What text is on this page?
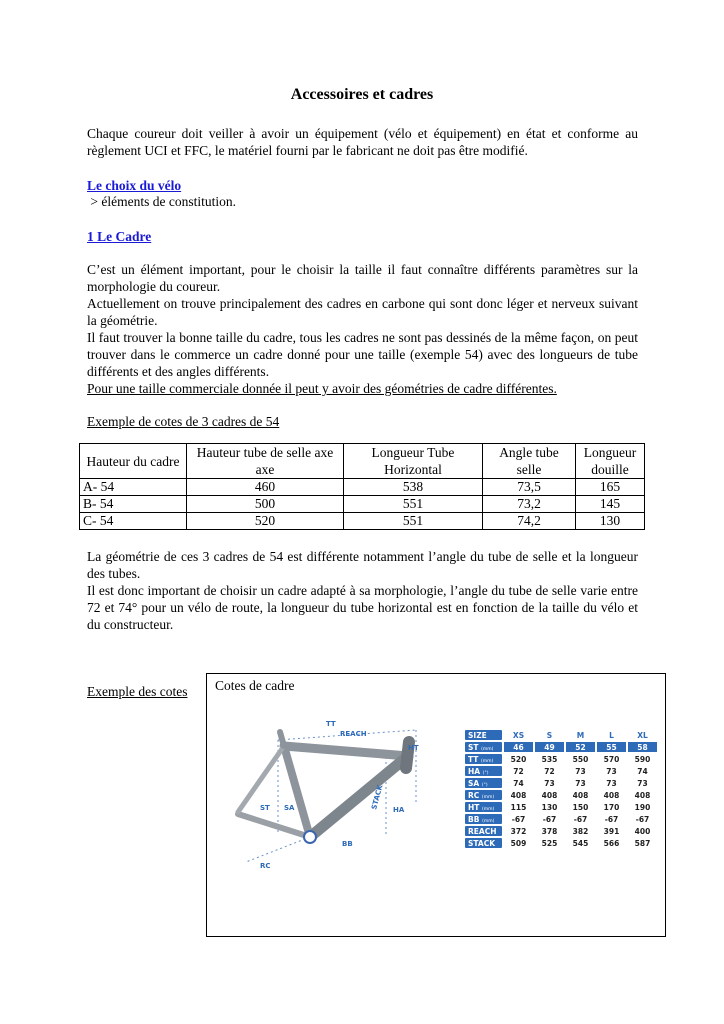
Accessoires et cadres
Chaque coureur doit veiller à avoir un équipement (vélo et équipement) en état et conforme au règlement UCI et FFC, le matériel fourni par le fabricant ne doit pas être modifié.
Le choix du vélo
> éléments de constitution.
1 Le Cadre
C’est un élément important, pour le choisir la taille il faut connaître différents paramètres sur la morphologie du coureur.
Actuellement on trouve principalement des cadres en carbone qui sont donc léger et nerveux suivant la géométrie.
Il faut trouver la bonne taille du cadre, tous les cadres ne sont pas dessinés de la même façon, on peut trouver dans le commerce un cadre donné pour une taille (exemple 54) avec des longueurs de tube différents et des angles différents.
Pour une taille commerciale donnée il peut y avoir des géométries de cadre différentes.
Exemple de cotes de 3 cadres de 54
Hauteur du cadre	Hauteur tube de selle axe axe	Longueur Tube Horizontal	Angle tube selle	Longueur douille
A- 54	460	538	73,5	165
B- 54	500	551	73,2	145
C- 54	520	551	74,2	130
La géométrie de ces 3 cadres de 54 est différente notamment l’angle du tube de selle et la longueur des tubes.
Il est donc important de choisir un cadre adapté à sa morphologie, l’angle du tube de selle varie entre 72 et 74° pour un vélo de route, la longueur du tube horizontal est en fonction de la taille du vélo et du constructeur.
Exemple des cotes	Cotes de cadre
TT
REACH
HT
ST SA	STACK HA
BB
RC
SIZE	XS	S	M	L	XL
ST (mm)	46	49	52	55	58
TT (mm)	520	535	550	570	590
HA (°)	72	72	73	73	74
SA (°)	74	73	73	73	73
RC (mm)	408	408	408	408	408
HT (mm)	115	130	150	170	190
BB (mm)	-67	-67	-67	-67	-67
REACH	372	378	382	391	400
STACK	509	525	545	566	587
